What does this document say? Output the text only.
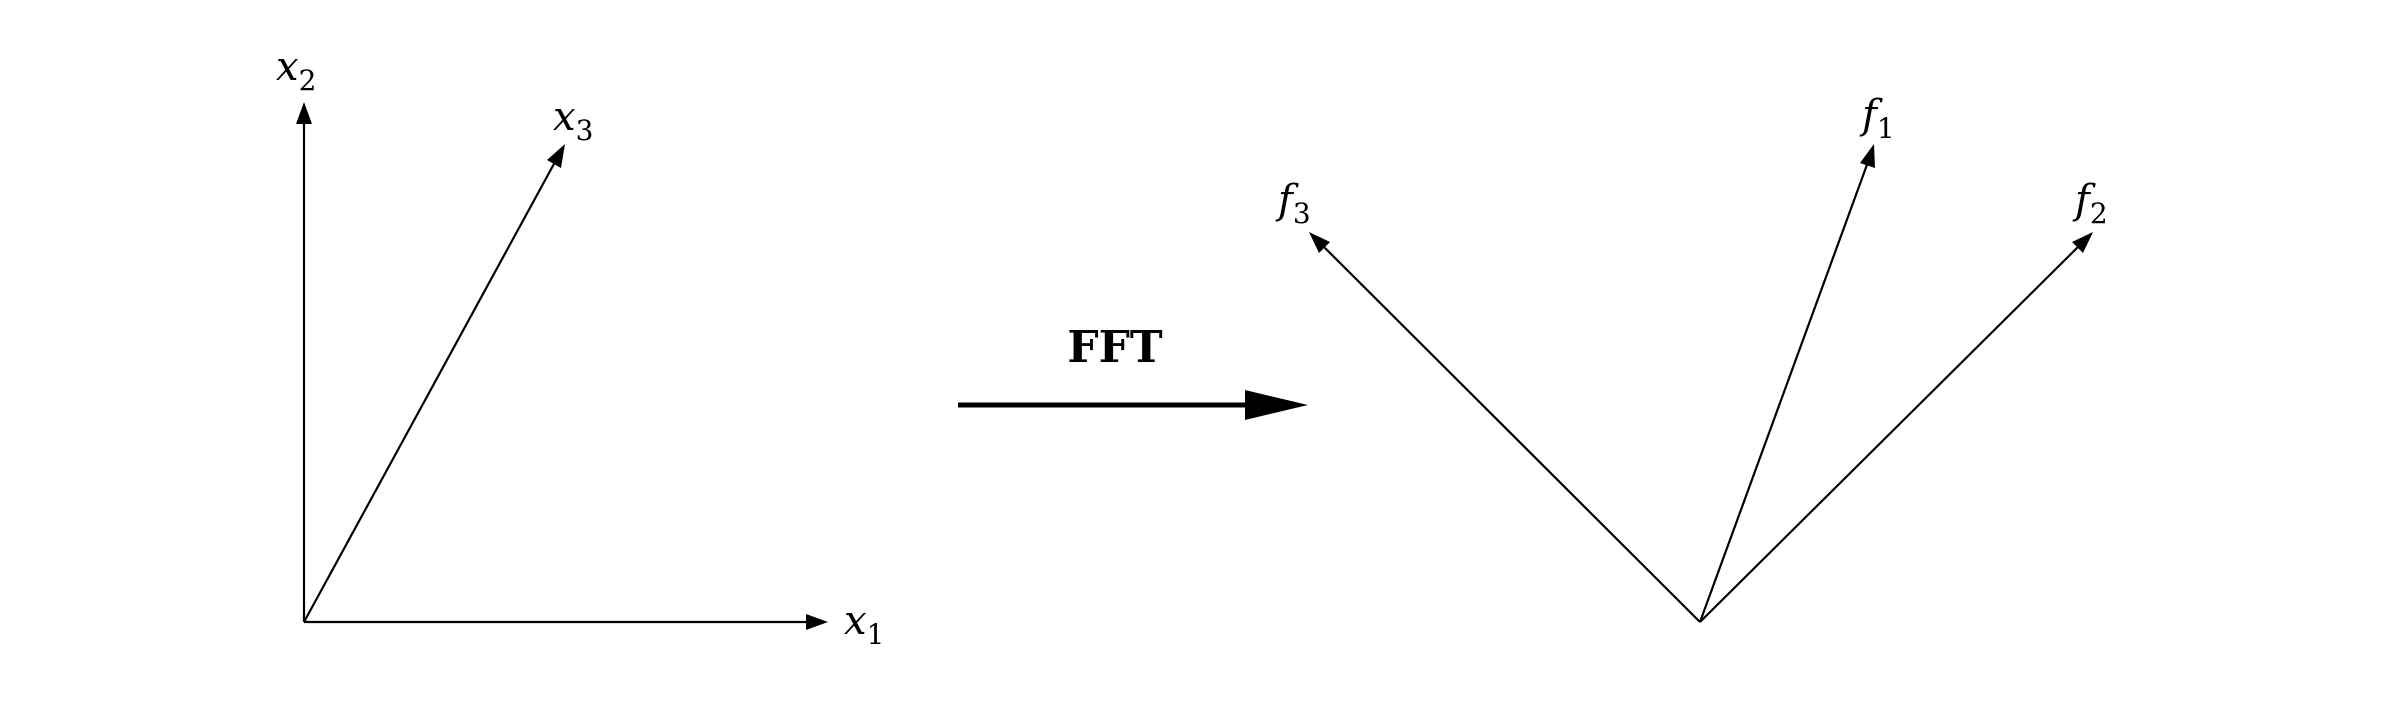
$x_1$
$x_2$
$x_3$
FFT
$f_1$
$f_2$
$f_3$
